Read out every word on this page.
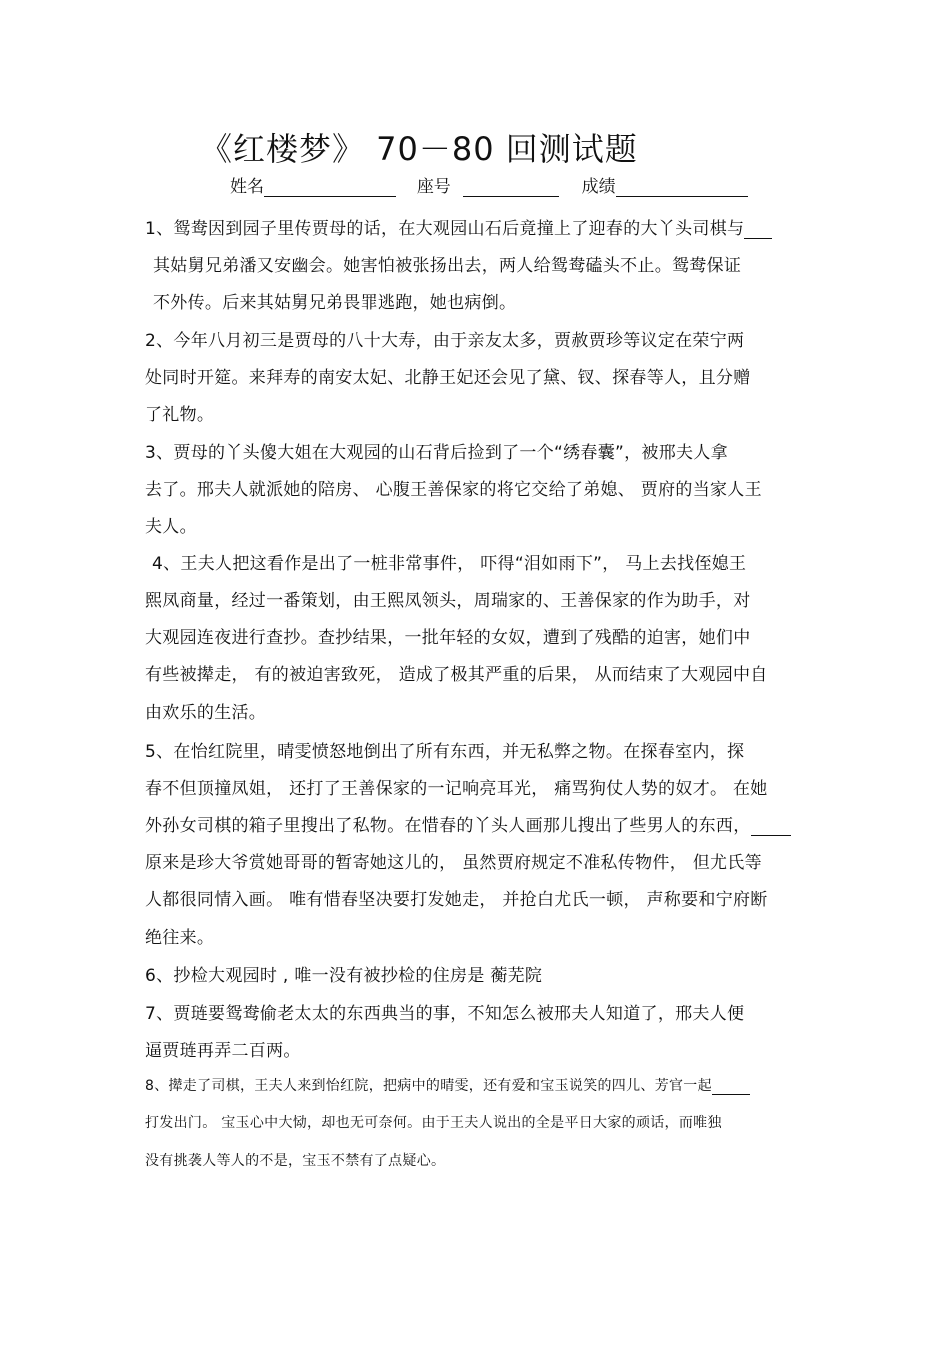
《红楼梦》 70－80 回测试题
姓名	座号	成绩
1、鸳鸯因到园子里传贾母的话，在大观园山石后竟撞上了迎春的大丫头司棋与
其姑舅兄弟潘又安幽会。她害怕被张扬出去，两人给鸳鸯磕头不止。鸳鸯保证
不外传。后来其姑舅兄弟畏罪逃跑，她也病倒。
2、今年八月初三是贾母的八十大寿，由于亲友太多，贾赦贾珍等议定在荣宁两
处同时开筵。来拜寿的南安太妃、北静王妃还会见了黛、钗、探春等人，且分赠
了礼物。
3、贾母的丫头傻大姐在大观园的山石背后捡到了一个“绣春囊”，被邢夫人拿
去了。邢夫人就派她的陪房、 心腹王善保家的将它交给了弟媳、 贾府的当家人王
夫人。
4、王夫人把这看作是出了一桩非常事件， 吓得“泪如雨下”， 马上去找侄媳王
熙凤商量，经过一番策划，由王熙凤领头，周瑞家的、王善保家的作为助手，对
大观园连夜进行查抄。查抄结果，一批年轻的女奴，遭到了残酷的迫害，她们中
有些被撵走， 有的被迫害致死， 造成了极其严重的后果， 从而结束了大观园中自
由欢乐的生活。
5、在怡红院里，晴雯愤怒地倒出了所有东西，并无私弊之物。在探春室内，探
春不但顶撞凤姐， 还打了王善保家的一记响亮耳光， 痛骂狗仗人势的奴才。 在她
外孙女司棋的箱子里搜出了私物。在惜春的丫头人画那儿搜出了些男人的东西，
原来是珍大爷赏她哥哥的暂寄她这儿的， 虽然贾府规定不准私传物件， 但尤氏等
人都很同情入画。 唯有惜春坚决要打发她走， 并抢白尤氏一顿， 声称要和宁府断
绝往来。
6、抄检大观园时 , 唯一没有被抄检的住房是 蘅芜院
7、贾琏要鸳鸯偷老太太的东西典当的事，不知怎么被邢夫人知道了，邢夫人便
逼贾琏再弄二百两。
8、撵走了司棋，王夫人来到怡红院，把病中的晴雯，还有爱和宝玉说笑的四儿、芳官一起
打发出门。 宝玉心中大恸，却也无可奈何。由于王夫人说出的全是平日大家的顽话，而唯独
没有挑袭人等人的不是，宝玉不禁有了点疑心。
